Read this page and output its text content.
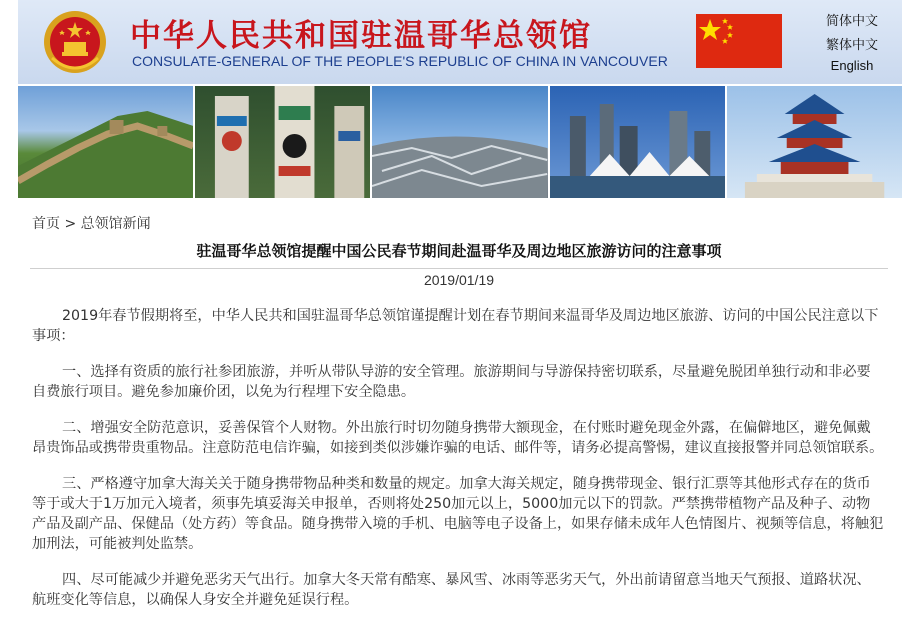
中华人民共和国驻温哥华总领馆
CONSULATE-GENERAL OF THE PEOPLE'S REPUBLIC OF CHINA IN VANCOUVER
简体中文
繁体中文
English
首页 > 总领馆新闻
驻温哥华总领馆提醒中国公民春节期间赴温哥华及周边地区旅游访问的注意事项
2019/01/19

2019年春节假期将至，中华人民共和国驻温哥华总领馆谨提醒计划在春节期间来温哥华及周边地区旅游、访问的中国公民注意以下事项：

一、选择有资质的旅行社参团旅游，并听从带队导游的安全管理。旅游期间与导游保持密切联系，尽量避免脱团单独行动和非必要自费旅行项目。避免参加廉价团，以免为行程埋下安全隐患。

二、增强安全防范意识，妥善保管个人财物。外出旅行时切勿随身携带大额现金，在付账时避免现金外露，在偏僻地区，避免佩戴昂贵饰品或携带贵重物品。注意防范电信诈骗，如接到类似涉嫌诈骗的电话、邮件等，请务必提高警惕，建议直接报警并同总领馆联系。

三、严格遵守加拿大海关关于随身携带物品种类和数量的规定。加拿大海关规定，随身携带现金、银行汇票等其他形式存在的货币等于或大于1万加元入境者，须事先填妥海关申报单，否则将处250加元以上，5000加元以下的罚款。严禁携带植物产品及种子、动物产品及副产品、保健品（处方药）等食品。随身携带入境的手机、电脑等电子设备上，如果存储未成年人色情图片、视频等信息，将触犯加刑法，可能被判处监禁。

四、尽可能减少并避免恶劣天气出行。加拿大冬天常有酷寒、暴风雪、冰雨等恶劣天气，外出前请留意当地天气预报、道路状况、航班变化等信息，以确保人身安全并避免延误行程。
